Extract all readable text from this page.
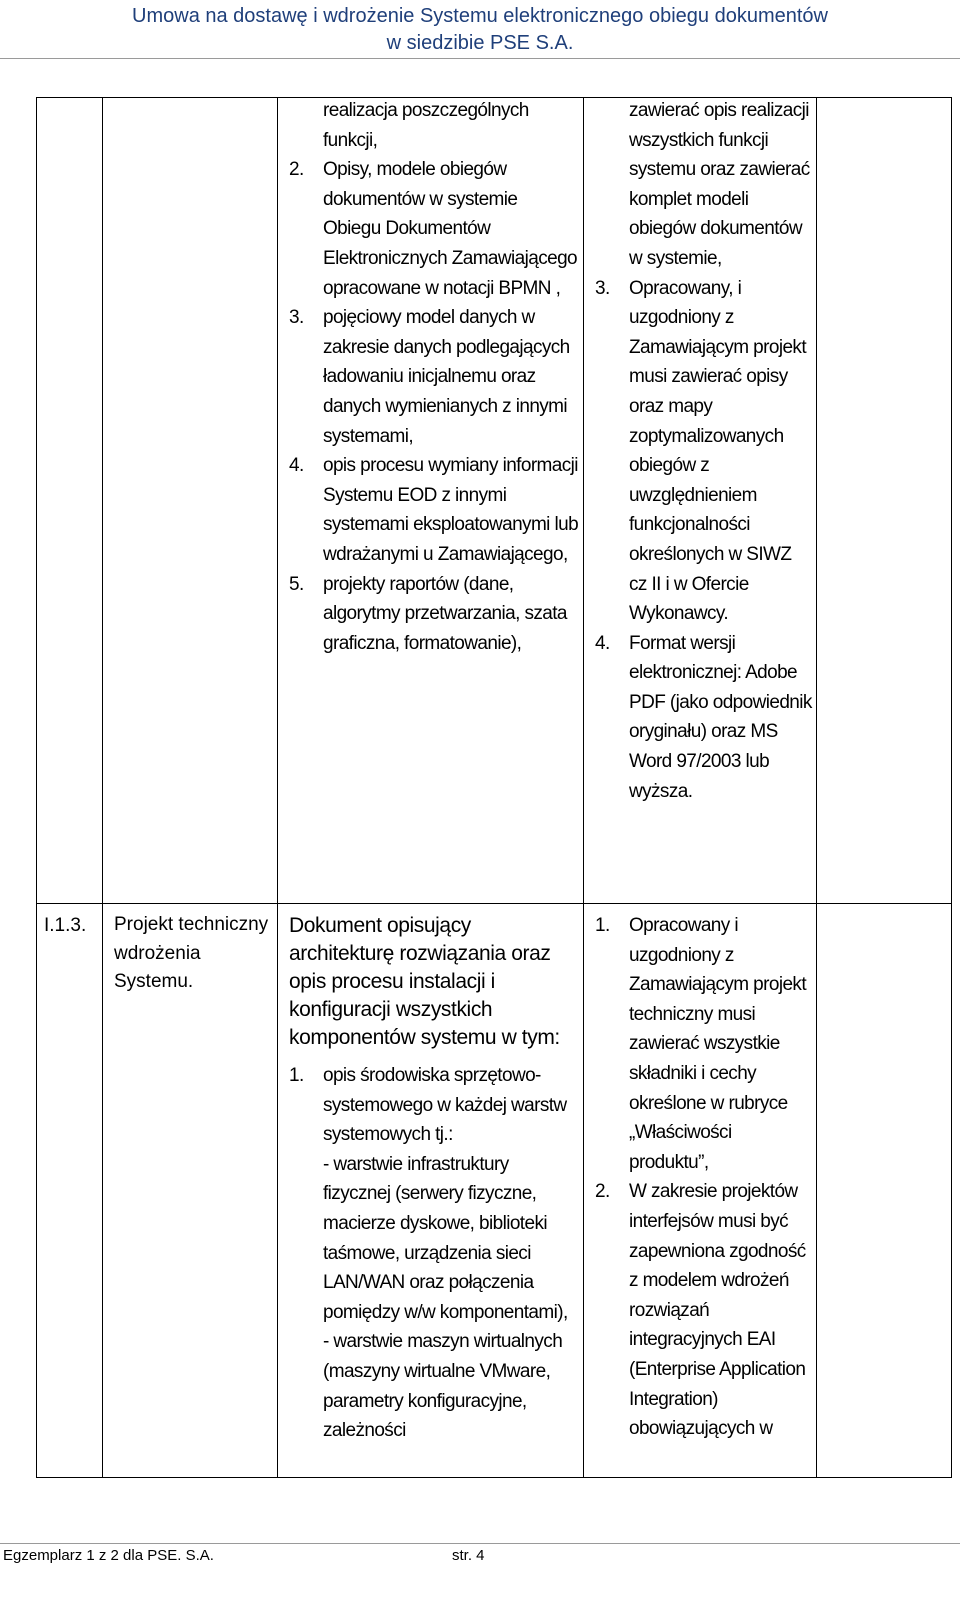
Umowa na dostawę i wdrożenie Systemu elektronicznego obiegu dokumentów
w siedzibie PSE S.A.
realizacja poszczególnych funkcji,
2. Opisy, modele obiegów dokumentów w systemie Obiegu Dokumentów Elektronicznych Zamawiającego opracowane w notacji BPMN ,
3. pojęciowy model danych w zakresie danych podlegających ładowaniu inicjalnemu oraz danych wymienianych z innymi systemami,
4. opis procesu wymiany informacji Systemu EOD z innymi systemami eksploatowanymi lub wdrażanymi u Zamawiającego,
5. projekty raportów (dane, algorytmy przetwarzania, szata graficzna, formatowanie),
zawierać opis realizacji wszystkich funkcji systemu oraz zawierać komplet modeli obiegów dokumentów w systemie,
3. Opracowany, i uzgodniony z Zamawiającym projekt musi zawierać opisy oraz mapy zoptymalizowanych obiegów z uwzględnieniem funkcjonalności określonych w SIWZ cz II i w Ofercie Wykonawcy.
4. Format wersji elektronicznej: Adobe PDF (jako odpowiednik oryginału) oraz MS Word 97/2003 lub wyższa.
I.1.3.	Projekt techniczny wdrożenia Systemu.
Dokument opisujący architekturę rozwiązania oraz opis procesu instalacji i konfiguracji wszystkich komponentów systemu w tym:
1. opis środowiska sprzętowo-systemowego w każdej warstw systemowych tj.:
- warstwie infrastruktury fizycznej (serwery fizyczne, macierze dyskowe, biblioteki taśmowe, urządzenia sieci LAN/WAN oraz połączenia pomiędzy w/w komponentami),
- warstwie maszyn wirtualnych (maszyny wirtualne VMware, parametry konfiguracyjne, zależności
1. Opracowany i uzgodniony z Zamawiającym projekt techniczny musi zawierać wszystkie składniki i cechy określone w rubryce „Właściwości produktu”,
2. W zakresie projektów interfejsów musi być zapewniona zgodność z modelem wdrożeń rozwiązań integracyjnych EAI (Enterprise Application Integration) obowiązujących w
Egzemplarz 1 z 2 dla PSE. S.A.	str. 4
